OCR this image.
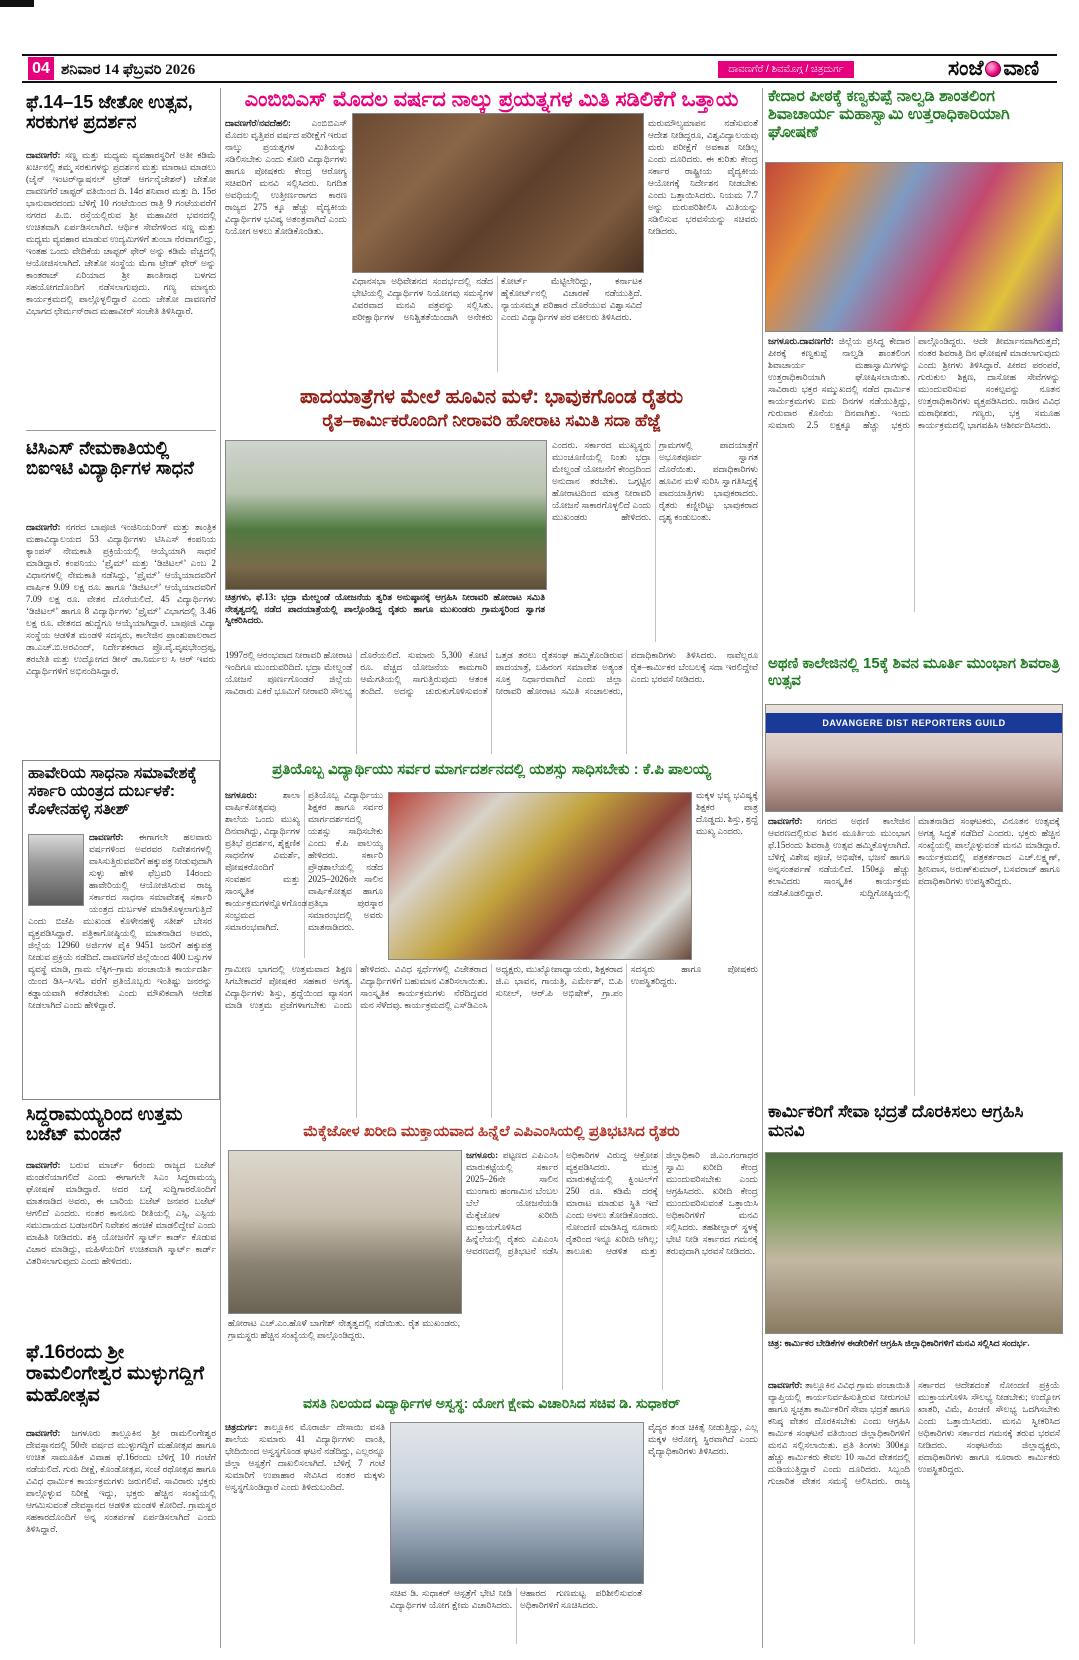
04 ಶನಿವಾರ 14 ಫೆಬ್ರವರಿ 2026	ದಾವಣಗೆರೆ / ಶಿವಮೊಗ್ಗ / ಚಿತ್ರದುರ್ಗ	ಸಂಜೆ ವಾಣಿ
ಫೆ.14–15 ಜೇತೋ ಉತ್ಸವ, ಸರಕುಗಳ ಪ್ರದರ್ಶನ
ದಾವಣಗೆರೆ: ಸಣ್ಣ ಮತ್ತು ಮಧ್ಯಮ ವ್ಯವಹಾರಸ್ಥರಿಗೆ ಅತೀ ಕಡಿಮೆ ಖರ್ಚಿನಲ್ಲಿ ತಮ್ಮ ಸರಕುಗಳನ್ನು ಪ್ರದರ್ಶನ ಮತ್ತು ಮಾರಾಟ ಮಾಡಲು (ಜೈನ್ ಇಂಟರ್‌ನ್ಯಾಷನಲ್ ಟ್ರೇಡ್ ಆರ್ಗನೈಜೇಶನ್) ಜೇತೋ ದಾವಣಗೆರೆ ಚಾಪ್ಟರ್ ವತಿಯಿಂದ ದಿ. 14ರ ಶನಿವಾರ ಮತ್ತು ದಿ. 15ರ ಭಾನುವಾರದಂದು ಬೆಳಿಗ್ಗೆ 10 ಗಂಟೆಯಿಂದ ರಾತ್ರಿ 9 ಗಂಟೆಯವರೆಗೆ ನಗರದ ಪಿ.ಬಿ. ರಸ್ತೆಯಲ್ಲಿರುವ ಶ್ರೀ ಮಹಾವೀರ ಭವನದಲ್ಲಿ ಉಚಿತವಾಗಿ ಏರ್ಪಡಿಸಲಾಗಿದೆ. ಆರ್ಥಿಕ ಸೇವೆಗಳಿಂದ ಸಣ್ಣ ಮತ್ತು ಮಧ್ಯಮ ವ್ಯವಹಾರ ಮಾಡುವ ಉದ್ಯಮಿಗಳಿಗೆ ತುಂಬಾ ನೆರವಾಗಲಿದ್ದು, ಇಂತಹ ಒಂದು ವೇದಿಕೆಯ ಚಾಪ್ಟರ್ ಫೇರ್ ಅನ್ನು ಕಡಿಮೆ ವೆಚ್ಚದಲ್ಲಿ ಆಯೋಜಿಸಲಾಗಿದೆ. ಜೇತೋ ಸಂಸ್ಥೆಯ ಮೆಗಾ ಟ್ರೇಡ್ ಫೇರ್ ಅನ್ನು ಕಾಂತರಾಜ್ ಏರಿಯಾದ ಶ್ರೀ ಶಾಂತಿನಾಥ ಬಳಗದ ಸಹಯೋಗದೊಂದಿಗೆ ನಡೆಸಲಾಗುವುದು. ಗಣ್ಯ ಮಾನ್ಯರು ಕಾರ್ಯಕ್ರಮದಲ್ಲಿ ಪಾಲ್ಗೊಳ್ಳಲಿದ್ದಾರೆ ಎಂದು ಜೇತೋ ದಾವಣಗೆರೆ ವಿಭಾಗದ ಛೇರ್ಮನ್‌ರಾದ ಮಹಾವೀರ್ ಸಂಚೇತಿ ತಿಳಿಸಿದ್ದಾರೆ.
ಟಿಸಿಎಸ್ ನೇಮಕಾತಿಯಲ್ಲಿ ಬಿಐಇಟಿ ವಿದ್ಯಾರ್ಥಿಗಳ ಸಾಧನೆ
ದಾವಣಗೆರೆ: ನಗರದ ಬಾಪೂಜಿ ಇಂಜಿನಿಯರಿಂಗ್ ಮತ್ತು ತಾಂತ್ರಿಕ ಮಹಾವಿದ್ಯಾಲಯದ 53 ವಿದ್ಯಾರ್ಥಿಗಳು ಟಿಸಿಎಸ್ ಕಂಪನಿಯ ಕ್ಯಾಂಪಸ್ ನೇಮಕಾತಿ ಪ್ರಕ್ರಿಯೆಯಲ್ಲಿ ಆಯ್ಕೆಯಾಗಿ ಸಾಧನೆ ಮಾಡಿದ್ದಾರೆ. ಕಂಪನಿಯು ‘ಪ್ರೈಮ್’ ಮತ್ತು ‘ಡಿಜಿಟಲ್’ ಎಂಬ 2 ವಿಧಾನಗಳಲ್ಲಿ ನೇಮಕಾತಿ ನಡೆಸಿದ್ದು, ‘ಪ್ರೈಮ್’ ಆಯ್ಕೆಯಾದವರಿಗೆ ವಾರ್ಷಿಕ 9.09 ಲಕ್ಷ ರೂ. ಹಾಗೂ ‘ಡಿಜಿಟಲ್’ ಆಯ್ಕೆಯಾದವರಿಗೆ 7.09 ಲಕ್ಷ ರೂ. ವೇತನ ದೊರೆಯಲಿದೆ. 45 ವಿದ್ಯಾರ್ಥಿಗಳು ‘ಡಿಜಿಟಲ್’ ಹಾಗೂ 8 ವಿದ್ಯಾರ್ಥಿಗಳು ‘ಪ್ರೈಮ್’ ವಿಭಾಗದಲ್ಲಿ 3.46 ಲಕ್ಷ ರೂ. ವೇತನದ ಹುದ್ದೆಗೂ ಆಯ್ಕೆಯಾಗಿದ್ದಾರೆ. ಬಾಪೂಜಿ ವಿದ್ಯಾ ಸಂಸ್ಥೆಯ ಆಡಳಿತ ಮಂಡಳಿ ಸದಸ್ಯರು, ಕಾಲೇಜಿನ ಪ್ರಾಂಶುಪಾಲರಾದ ಡಾ.ಎಚ್.ಬಿ.ಅರವಿಂದ್, ನಿರ್ದೇಶಕರಾದ ಪ್ರೊ.ವೈ.ವೃಷಭೇಂದ್ರಪ್ಪ, ತರಬೇತಿ ಮತ್ತು ಉದ್ಯೋಗದ ಡೀನ್ ಡಾ.ನಿರ್ಮಲ ಸಿ ಆರ್ ಇವರು ವಿದ್ಯಾರ್ಥಿಗಳಿಗೆ ಅಭಿನಂದಿಸಿದ್ದಾರೆ.
ಹಾವೇರಿಯ ಸಾಧನಾ ಸಮಾವೇಶಕ್ಕೆ ಸರ್ಕಾರಿ ಯಂತ್ರದ ದುರ್ಬಳಕೆ: ಕೊಳೇನಹಳ್ಳಿ ಸತೀಶ್
ದಾವಣಗೆರೆ: ಈಗಾಗಲೇ ಹಲವಾರು ವರ್ಷಗಳಿಂದ ಅವರವರ ನಿವೇಶನಗಳಲ್ಲಿ ವಾಸಿಸುತ್ತಿರುವವರಿಗೆ ಹಕ್ಕುಪತ್ರ ನೀಡುವುದಾಗಿ ಸುಳ್ಳು ಹೇಳಿ ಫೆಬ್ರವರಿ 14ರಂದು ಹಾವೇರಿಯಲ್ಲಿ ಆಯೋಜಿಸಿರುವ ರಾಜ್ಯ ಸರ್ಕಾರದ ಸಾಧನಾ ಸಮಾವೇಶಕ್ಕೆ ಸರ್ಕಾರಿ ಯಂತ್ರದ ದುರ್ಬಳಕೆ ಮಾಡಿಕೊಳ್ಳಲಾಗುತ್ತಿದೆ ಎಂದು ಬಿಜೆಪಿ ಮುಖಂಡ ಕೊಳೇನಹಳ್ಳಿ ಸತೀಶ್ ಬೇಸರ ವ್ಯಕ್ತಪಡಿಸಿದ್ದಾರೆ. ಪತ್ರಿಕಾಗೋಷ್ಠಿಯಲ್ಲಿ ಮಾತನಾಡಿದ ಅವರು, ಜಿಲ್ಲೆಯ 12960 ಅರ್ಜಿಗಳ ಪೈಕಿ 9451 ಜನರಿಗೆ ಹಕ್ಕುಪತ್ರ ನೀಡುವ ಪ್ರಕ್ರಿಯೆ ನಡೆದಿದೆ. ದಾವಣಗೆರೆ ಜಿಲ್ಲೆಯಿಂದ 400 ಬಸ್ಸುಗಳ ವ್ಯವಸ್ಥೆ ಮಾಡಿ, ಗ್ರಾಮ ಲೆಕ್ಕಿಗ–ಗ್ರಾಮ ಪಂಚಾಯಿತಿ ಕಾರ್ಯದರ್ಶಿ ಯಿಂದ ಡಿಸಿ–ಸಿಇಓ ವರೆಗೆ ಪ್ರತಿಯೊಬ್ಬರು ಇಂತಿಷ್ಟು ಜನರನ್ನು ಕಡ್ಡಾಯವಾಗಿ ಕರೆತರಬೇಕು ಎಂದು ಮೌಖಿಕವಾಗಿ ಆದೇಶ ನೀಡಲಾಗಿದೆ ಎಂದು ಹೇಳಿದ್ದಾರೆ.
ಸಿದ್ದರಾಮಯ್ಯರಿಂದ ಉತ್ತಮ ಬಜೆಟ್ ಮಂಡನೆ
ದಾವಣಗೆರೆ: ಬರುವ ಮಾರ್ಚ್ 6ರಂದು ರಾಜ್ಯದ ಬಜೆಟ್ ಮಂಡನೆಯಾಗಲಿದೆ ಎಂದು ಈಗಾಗಲೇ ಸಿಎಂ ಸಿದ್ದರಾಮಯ್ಯ ಘೋಷಣೆ ಮಾಡಿದ್ದಾರೆ. ಅದರ ಬಗ್ಗೆ ಸುದ್ದಿಗಾರರೊಂದಿಗೆ ಮಾತನಾಡಿದ ಅವರು, ಈ ಬಾರಿಯ ಬಜೆಟ್ ಜನಪರ ಬಜೆಟ್ ಆಗಲಿದೆ ಎಂದರು. ನಂತರ ಕಾನೂನು ರೀತಿಯಲ್ಲಿ ಎಸ್ಸಿ, ಎಸ್ಟಿಯ ಸಮುದಾಯದ ಬಡಜನರಿಗೆ ನಿವೇಶನ ಹಂಚಿಕೆ ಮಾಡಲಿದ್ದೇವೆ ಎಂದು ಮಾಹಿತಿ ನೀಡಿದರು. ಶಕ್ತಿ ಯೋಜನೆಗೆ ಸ್ಮಾರ್ಟ್ ಕಾರ್ಡ್ ಕೊಡುವ ವಿಚಾರ ಮಾಡಿದ್ದು, ಮಹಿಳೆಯರಿಗೆ ಉಚಿತವಾಗಿ ಸ್ಮಾರ್ಟ್ ಕಾರ್ಡ್ ವಿತರಿಸಲಾಗುವುದು ಎಂದು ಹೇಳಿದರು.
ಫೆ.16ರಂದು ಶ್ರೀ ರಾಮಲಿಂಗೇಶ್ವರ ಮುಳ್ಳುಗದ್ದಿಗೆ ಮಹೋತ್ಸವ
ದಾವಣಗೆರೆ: ಜಗಳೂರು ತಾಲ್ಲೂಕಿನ ಶ್ರೀ ರಾಮಲಿಂಗೇಶ್ವರ ದೇವಸ್ಥಾನದಲ್ಲಿ 50ನೇ ವರ್ಷದ ಮುಳ್ಳುಗದ್ದಿಗೆ ಮಹೋತ್ಸವ ಹಾಗೂ ಉಚಿತ ಸಾಮೂಹಿಕ ವಿವಾಹ ಫೆ.16ರಂದು ಬೆಳಿಗ್ಗೆ 10 ಗಂಟೆಗೆ ನಡೆಯಲಿದೆ. ಗುರು ದೀಕ್ಷೆ, ಕೊಂಡೋತ್ಸವ, ಸಂಜೆ ರಥೋತ್ಸವ ಹಾಗೂ ವಿವಿಧ ಧಾರ್ಮಿಕ ಕಾರ್ಯಕ್ರಮಗಳು ಜರುಗಲಿವೆ. ಸಾವಿರಾರು ಭಕ್ತರು ಪಾಲ್ಗೊಳ್ಳುವ ನಿರೀಕ್ಷೆ ಇದ್ದು, ಭಕ್ತರು ಹೆಚ್ಚಿನ ಸಂಖ್ಯೆಯಲ್ಲಿ ಆಗಮಿಸುವಂತೆ ದೇವಸ್ಥಾನದ ಆಡಳಿತ ಮಂಡಳಿ ಕೋರಿದೆ. ಗ್ರಾಮಸ್ಥರ ಸಹಕಾರದೊಂದಿಗೆ ಅನ್ನ ಸಂತರ್ಪಣೆ ಏರ್ಪಡಿಸಲಾಗಿದೆ ಎಂದು ತಿಳಿಸಿದ್ದಾರೆ.
ಎಂಬಿಬಿಎಸ್ ಮೊದಲ ವರ್ಷದ ನಾಲ್ಕು ಪ್ರಯತ್ನಗಳ ಮಿತಿ ಸಡಿಲಿಕೆಗೆ ಒತ್ತಾಯ
ದಾವಣಗೆರೆ/ನವದೆಹಲಿ: ಎಂಬಿಬಿಎಸ್ ಮೊದಲ ವೃತ್ತಿಪರ ವರ್ಷದ ಪರೀಕ್ಷೆಗೆ ಇರುವ ನಾಲ್ಕು ಪ್ರಯತ್ನಗಳ ಮಿತಿಯನ್ನು ಸಡಿಲಿಸಬೇಕು ಎಂದು ಕೋರಿ ವಿದ್ಯಾರ್ಥಿಗಳು ಹಾಗೂ ಪೋಷಕರು ಕೇಂದ್ರ ಆರೋಗ್ಯ ಸಚಿವರಿಗೆ ಮನವಿ ಸಲ್ಲಿಸಿದರು. ನಿಗದಿತ ಅವಧಿಯಲ್ಲಿ ಉತ್ತೀರ್ಣರಾಗದ ಕಾರಣ ರಾಜ್ಯದ 275 ಕ್ಕೂ ಹೆಚ್ಚು ವೈದ್ಯಕೀಯ ವಿದ್ಯಾರ್ಥಿಗಳ ಭವಿಷ್ಯ ಅತಂತ್ರವಾಗಿದೆ ಎಂದು ನಿಯೋಗ ಅಳಲು ತೋಡಿಕೊಂಡಿತು.
ಮರುಮೌಲ್ಯಮಾಪನ ನಡೆಸುವಂತೆ ಆದೇಶ ನೀಡಿದ್ದರೂ, ವಿಶ್ವವಿದ್ಯಾಲಯವು ಮರು ಪರೀಕ್ಷೆಗೆ ಅವಕಾಶ ನೀಡಿಲ್ಲ ಎಂದು ದೂರಿದರು. ಈ ಕುರಿತು ಕೇಂದ್ರ ಸರ್ಕಾರ ರಾಷ್ಟ್ರೀಯ ವೈದ್ಯಕೀಯ ಆಯೋಗಕ್ಕೆ ನಿರ್ದೇಶನ ನೀಡಬೇಕು ಎಂದು ಒತ್ತಾಯಿಸಿದರು. ನಿಯಮ 7.7 ಅನ್ನು ಮರುಪರಿಶೀಲಿಸಿ ಮಿತಿಯನ್ನು ಸಡಿಲಿಸುವ ಭರವಸೆಯನ್ನು ಸಚಿವರು ನೀಡಿದರು.
ವಿಧಾನಸಭಾ ಅಧಿವೇಶನದ ಸಂದರ್ಭದಲ್ಲಿ ನಡೆದ ಭೇಟಿಯಲ್ಲಿ ವಿದ್ಯಾರ್ಥಿಗಳ ನಿಯೋಗವು ಸಮಸ್ಯೆಗಳ ವಿವರವಾದ ಮನವಿ ಪತ್ರವನ್ನು ಸಲ್ಲಿಸಿತು. ಪರೀಕ್ಷಾರ್ಥಿಗಳ ಅನಿಶ್ಚಿತತೆಯಿಂದಾಗಿ ಅನೇಕರು ಕೋರ್ಟ್ ಮೆಟ್ಟಿಲೇರಿದ್ದು, ಕರ್ನಾಟಕ ಹೈಕೋರ್ಟ್‌ನಲ್ಲಿ ವಿಚಾರಣೆ ನಡೆಯುತ್ತಿದೆ. ನ್ಯಾಯಸಮ್ಮತ ಪರಿಹಾರ ದೊರೆಯುವ ವಿಶ್ವಾಸವಿದೆ ಎಂದು ವಿದ್ಯಾರ್ಥಿಗಳ ಪರ ವಕೀಲರು ತಿಳಿಸಿದರು.
ಪಾದಯಾತ್ರೆಗಳ ಮೇಲೆ ಹೂವಿನ ಮಳೆ: ಭಾವುಕಗೊಂಡ ರೈತರು
ರೈತ–ಕಾರ್ಮಿಕರೊಂದಿಗೆ ನೀರಾವರಿ ಹೋರಾಟ ಸಮಿತಿ ಸದಾ ಹೆಜ್ಜೆ
ಚಿತ್ರಗಳು, ಫೆ.13: ಭದ್ರಾ ಮೇಲ್ದಂಡೆ ಯೋಜನೆಯ ತ್ವರಿತ ಅನುಷ್ಠಾನಕ್ಕೆ ಆಗ್ರಹಿಸಿ ನೀರಾವರಿ ಹೋರಾಟ ಸಮಿತಿ ನೇತೃತ್ವದಲ್ಲಿ ನಡೆದ ಪಾದಯಾತ್ರೆಯಲ್ಲಿ ಪಾಲ್ಗೊಂಡಿದ್ದ ರೈತರು ಹಾಗೂ ಮುಖಂಡರು ಗ್ರಾಮಸ್ಥರಿಂದ ಸ್ವಾಗತ ಸ್ವೀಕರಿಸಿದರು.
ಎಂದರು. ಸರ್ಕಾರದ ಮುಖ್ಯಸ್ಥರು ಮುಂಚೂಣಿಯಲ್ಲಿ ನಿಂತು ಭದ್ರಾ ಮೇಲ್ದಂಡೆ ಯೋಜನೆಗೆ ಕೇಂದ್ರದಿಂದ ಅನುದಾನ ತರಬೇಕು. ಒಗ್ಗಟ್ಟಿನ ಹೋರಾಟದಿಂದ ಮಾತ್ರ ನೀರಾವರಿ ಯೋಜನೆ ಸಾಕಾರಗೊಳ್ಳಲಿದೆ ಎಂದು ಮುಖಂಡರು ಹೇಳಿದರು. ಗ್ರಾಮಗಳಲ್ಲಿ ಪಾದಯಾತ್ರೆಗೆ ಅಭೂತಪೂರ್ವ ಸ್ವಾಗತ ದೊರೆಯಿತು. ಪದಾಧಿಕಾರಿಗಳು ಹೂವಿನ ಮಳೆ ಸುರಿಸಿ ಸ್ವಾಗತಿಸಿದ್ದಕ್ಕೆ ಪಾದಯಾತ್ರಿಗಳು ಭಾವುಕರಾದರು. ರೈತರು ಕಣ್ಣೀರಿಟ್ಟು ಭಾವುಕರಾದ ದೃಶ್ಯ ಕಂಡುಬಂತು.
1997ರಲ್ಲಿ ಆರಂಭವಾದ ನೀರಾವರಿ ಹೋರಾಟ ಇಂದಿಗೂ ಮುಂದುವರಿದಿದೆ. ಭದ್ರಾ ಮೇಲ್ದಂಡೆ ಯೋಜನೆ ಪೂರ್ಣಗೊಂಡರೆ ಜಿಲ್ಲೆಯ ಸಾವಿರಾರು ಎಕರೆ ಭೂಮಿಗೆ ನೀರಾವರಿ ಸೌಲಭ್ಯ ದೊರೆಯಲಿದೆ. ಸುಮಾರು 5,300 ಕೋಟಿ ರೂ. ವೆಚ್ಚದ ಯೋಜನೆಯ ಕಾಮಗಾರಿ ಆಮೆಗತಿಯಲ್ಲಿ ಸಾಗುತ್ತಿರುವುದು ಆತಂಕ ತಂದಿದೆ. ಅದನ್ನು ಚುರುಕುಗೊಳಿಸುವಂತೆ ಒತ್ತಡ ತರಲು ರೈತಸಂಘ ಹಮ್ಮಿಕೊಂಡಿರುವ ಪಾದಯಾತ್ರೆ, ಬಹಿರಂಗ ಸಮಾವೇಶ ಅತ್ಯಂತ ಸೂಕ್ತ ನಿರ್ಧಾರವಾಗಿದೆ ಎಂದು ಜಿಲ್ಲಾ ನೀರಾವರಿ ಹೋರಾಟ ಸಮಿತಿ ಸಂಚಾಲಕರು, ಪದಾಧಿಕಾರಿಗಳು ತಿಳಿಸಿದರು. ನಾವೆಲ್ಲರೂ ರೈತ–ಕಾರ್ಮಿಕರ ಬೆಂಬಲಕ್ಕೆ ಸದಾ ಇರಲಿದ್ದೇವೆ ಎಂದು ಭರವಸೆ ನೀಡಿದರು.
ಪ್ರತಿಯೊಬ್ಬ ವಿದ್ಯಾರ್ಥಿಯು ಸರ್ವರ ಮಾರ್ಗದರ್ಶನದಲ್ಲಿ ಯಶಸ್ಸು ಸಾಧಿಸಬೇಕು : ಕೆ.ಪಿ ಪಾಲಯ್ಯ
ಜಗಳೂರು:	ಶಾಲಾ ವಾರ್ಷಿಕೋತ್ಸವವು ಶಾಲೆಯ ಒಂದು ಮುಖ್ಯ ದಿನವಾಗಿದ್ದು, ವಿದ್ಯಾರ್ಥಿಗಳ ಪ್ರತಿಭೆ ಪ್ರದರ್ಶನ, ಶೈಕ್ಷಣಿಕ ಸಾಧನೆಗಳ ವಿಮರ್ಶೆ, ಪೋಷಕರೊಂದಿಗೆ ಸಂವಹನ ಮತ್ತು ಸಾಂಸ್ಕೃತಿಕ ಕಾರ್ಯಕ್ರಮಗಳನ್ನೊಳಗೊಂಡ ಸಂಭ್ರಮದ ಸಮಾರಂಭವಾಗಿದೆ. ಪ್ರತಿಯೊಬ್ಬ ವಿದ್ಯಾರ್ಥಿಯು ಶಿಕ್ಷಕರ ಹಾಗೂ ಸರ್ವರ ಮಾರ್ಗದರ್ಶನದಲ್ಲಿ ಯಶಸ್ಸು ಸಾಧಿಸಬೇಕು ಎಂದು ಕೆ.ಪಿ ಪಾಲಯ್ಯ ಹೇಳಿದರು. ಸರ್ಕಾರಿ ಪ್ರೌಢಶಾಲೆಯಲ್ಲಿ ನಡೆದ 2025–2026ನೇ ಸಾಲಿನ ವಾರ್ಷಿಕೋತ್ಸವ ಹಾಗೂ ಪ್ರತಿಭಾ ಪುರಸ್ಕಾರ ಸಮಾರಂಭದಲ್ಲಿ ಅವರು ಮಾತನಾಡಿದರು.
ಮಕ್ಕಳ ಭವ್ಯ ಭವಿಷ್ಯಕ್ಕೆ ಶಿಕ್ಷಕರ ಪಾತ್ರ ದೊಡ್ಡದು. ಶಿಸ್ತು, ಶ್ರದ್ಧೆ ಮುಖ್ಯ ಎಂದರು.
ಗ್ರಾಮೀಣ ಭಾಗದಲ್ಲಿ ಉತ್ತಮವಾದ ಶಿಕ್ಷಣ ಸಿಗಬೇಕಾದರೆ ಪೋಷಕರ ಸಹಕಾರ ಅಗತ್ಯ. ವಿದ್ಯಾರ್ಥಿಗಳು ಶಿಸ್ತು, ಶ್ರದ್ಧೆಯಿಂದ ವ್ಯಾಸಂಗ ಮಾಡಿ ಉತ್ತಮ ಪ್ರಜೆಗಳಾಗಬೇಕು ಎಂದು ಹೇಳಿದರು. ವಿವಿಧ ಸ್ಪರ್ಧೆಗಳಲ್ಲಿ ವಿಜೇತರಾದ ವಿದ್ಯಾರ್ಥಿಗಳಿಗೆ ಬಹುಮಾನ ವಿತರಿಸಲಾಯಿತು. ಸಾಂಸ್ಕೃತಿಕ ಕಾರ್ಯಕ್ರಮಗಳು ನೆರೆದಿದ್ದವರ ಮನ ಸೆಳೆದವು. ಕಾರ್ಯಕ್ರಮದಲ್ಲಿ ಎಸ್‌ಡಿಎಂಸಿ ಅಧ್ಯಕ್ಷರು, ಮುಖ್ಯೋಪಾಧ್ಯಾಯರು, ಶಿಕ್ಷಕರಾದ ಜಿ.ಎ ಭಾವನ, ಗಾಯತ್ರಿ, ಎರ್ಮೇಶ್, ಬಿ.ಪಿ ಸುನೀಲ್, ಆರ್.ಪಿ ಅಭಿಷೇಕ್, ಗ್ರಾ.ಪಂ ಸದಸ್ಯರು ಹಾಗೂ ಪೋಷಕರು ಉಪಸ್ಥಿತರಿದ್ದರು.
ಮೆಕ್ಕೆಜೋಳ ಖರೀದಿ ಮುಕ್ತಾಯವಾದ ಹಿನ್ನೆಲೆ ಎಪಿಎಂಸಿಯಲ್ಲಿ ಪ್ರತಿಭಟಿಸಿದ ರೈತರು
ಜಗಳೂರು: ಪಟ್ಟಣದ ಎಪಿಎಂಸಿ ಮಾರುಕಟ್ಟೆಯಲ್ಲಿ ಸರ್ಕಾರ 2025–26ನೇ ಸಾಲಿನ ಮುಂಗಾರು ಹಂಗಾಮಿನ ಬೆಂಬಲ ಬೆಲೆ ಯೋಜನೆಯಡಿ ಮೆಕ್ಕೆಜೋಳ ಖರೀದಿ ಮುಕ್ತಾಯಗೊಳಿಸಿದ ಹಿನ್ನೆಲೆಯಲ್ಲಿ ರೈತರು ಎಪಿಎಂಸಿ ಆವರಣದಲ್ಲಿ ಪ್ರತಿಭಟನೆ ನಡೆಸಿ ಅಧಿಕಾರಿಗಳ ವಿರುದ್ಧ ಆಕ್ರೋಶ ವ್ಯಕ್ತಪಡಿಸಿದರು. ಮುಕ್ತ ಮಾರುಕಟ್ಟೆಯಲ್ಲಿ ಕ್ವಿಂಟಲ್‌ಗೆ 250 ರೂ. ಕಡಿಮೆ ದರಕ್ಕೆ ಮಾರಾಟ ಮಾಡುವ ಸ್ಥಿತಿ ಇದೆ ಎಂದು ಅಳಲು ತೋಡಿಕೊಂಡರು. ನೋಂದಣಿ ಮಾಡಿಸಿದ್ದ ನೂರಾರು ರೈತರಿಂದ ಇನ್ನೂ ಖರೀದಿ ಆಗಿಲ್ಲ; ತಾಲೂಕು ಆಡಳಿತ ಮತ್ತು ಜಿಲ್ಲಾಧಿಕಾರಿ ಜಿ.ಎಂ.ಗಂಗಾಧರ ಸ್ವಾಮಿ ಖರೀದಿ ಕೇಂದ್ರ ಮುಂದುವರಿಸಬೇಕು ಎಂದು ಆಗ್ರಹಿಸಿದರು. ಖರೀದಿ ಕೇಂದ್ರ ಮುಂದುವರಿಸುವಂತೆ ಒತ್ತಾಯಿಸಿ ಅಧಿಕಾರಿಗಳಿಗೆ ಮನವಿ ಸಲ್ಲಿಸಿದರು. ತಹಶೀಲ್ದಾರ್ ಸ್ಥಳಕ್ಕೆ ಭೇಟಿ ನೀಡಿ ಸರ್ಕಾರದ ಗಮನಕ್ಕೆ ತರುವುದಾಗಿ ಭರವಸೆ ನೀಡಿದರು.
ಹೋರಾಟ ಎಚ್.ಎಂ.ಹೊಳೆ ಬಾಗೇಶ್ ನೇತೃತ್ವದಲ್ಲಿ ನಡೆಯಿತು. ರೈತ ಮುಖಂಡರು, ಗ್ರಾಮಸ್ಥರು ಹೆಚ್ಚಿನ ಸಂಖ್ಯೆಯಲ್ಲಿ ಪಾಲ್ಗೊಂಡಿದ್ದರು.
ವಸತಿ ನಿಲಯದ ವಿದ್ಯಾರ್ಥಿಗಳ ಅಸ್ವಸ್ಥ: ಯೋಗ ಕ್ಷೇಮ ವಿಚಾರಿಸಿದ ಸಚಿವ ಡಿ. ಸುಧಾಕರ್
ಚಿತ್ರದುರ್ಗ: ತಾಲ್ಲೂಕಿನ ಮೊರಾರ್ಜಿ ದೇಸಾಯಿ ವಸತಿ ಶಾಲೆಯ ಸುಮಾರು 41 ವಿದ್ಯಾರ್ಥಿಗಳು ವಾಂತಿ, ಭೇದಿಯಿಂದ ಅಸ್ವಸ್ಥಗೊಂಡ ಘಟನೆ ನಡೆದಿದ್ದು, ಎಲ್ಲರನ್ನೂ ಜಿಲ್ಲಾ ಆಸ್ಪತ್ರೆಗೆ ದಾಖಲಿಸಲಾಗಿದೆ. ಬೆಳಿಗ್ಗೆ 7 ಗಂಟೆ ಸುಮಾರಿಗೆ ಉಪಾಹಾರ ಸೇವಿಸಿದ ನಂತರ ಮಕ್ಕಳು ಅಸ್ವಸ್ಥಗೊಂಡಿದ್ದಾರೆ ಎಂದು ತಿಳಿದುಬಂದಿದೆ.
ವೈದ್ಯರ ತಂಡ ಚಿಕಿತ್ಸೆ ನೀಡುತ್ತಿದ್ದು, ಎಲ್ಲ ಮಕ್ಕಳ ಆರೋಗ್ಯ ಸ್ಥಿರವಾಗಿದೆ ಎಂದು ವೈದ್ಯಾಧಿಕಾರಿಗಳು ತಿಳಿಸಿದರು.
ಸಚಿವ ಡಿ. ಸುಧಾಕರ್ ಆಸ್ಪತ್ರೆಗೆ ಭೇಟಿ ನೀಡಿ ವಿದ್ಯಾರ್ಥಿಗಳ ಯೋಗ ಕ್ಷೇಮ ವಿಚಾರಿಸಿದರು. ಆಹಾರದ ಗುಣಮಟ್ಟ ಪರಿಶೀಲಿಸುವಂತೆ ಅಧಿಕಾರಿಗಳಿಗೆ ಸೂಚಿಸಿದರು.
ಕೇದಾರ ಪೀಠಕ್ಕೆ ಕಣ್ವಕುಪ್ಪೆ ನಾಲ್ವಡಿ ಶಾಂತಲಿಂಗ ಶಿವಾಚಾರ್ಯ ಮಹಾಸ್ವಾಮಿ ಉತ್ತರಾಧಿಕಾರಿಯಾಗಿ ಘೋಷಣೆ
ಜಗಳೂರು.ದಾವಣಗೆರೆ: ಜಿಲ್ಲೆಯ ಪ್ರಸಿದ್ಧ ಕೇದಾರ ಪೀಠಕ್ಕೆ ಕಣ್ವಕುಪ್ಪೆ ನಾಲ್ವಡಿ ಶಾಂತಲಿಂಗ ಶಿವಾಚಾರ್ಯ ಮಹಾಸ್ವಾಮಿಗಳನ್ನು ಉತ್ತರಾಧಿಕಾರಿಯಾಗಿ ಘೋಷಿಸಲಾಯಿತು. ಸಾವಿರಾರು ಭಕ್ತರ ಸಮ್ಮುಖದಲ್ಲಿ ನಡೆದ ಧಾರ್ಮಿಕ ಕಾರ್ಯಕ್ರಮಗಳು ಐದು ದಿನಗಳ ನಡೆಯುತ್ತಿದ್ದು, ಗುರುವಾರ ಕೊನೆಯ ದಿನವಾಗಿತ್ತು. ಇಂದು ಸುಮಾರು 2.5 ಲಕ್ಷಕ್ಕೂ ಹೆಚ್ಚು ಭಕ್ತರು ಪಾಲ್ಗೊಂಡಿದ್ದರು. ಆದೇ ತೀರ್ಮಾನವಾಗಿರುತ್ತದೆ; ನಂತರ ಶಿವರಾತ್ರಿ ದಿನ ಘೋಷಣೆ ಮಾಡಲಾಗುವುದು ಎಂದು ಶ್ರೀಗಳು ತಿಳಿಸಿದ್ದಾರೆ. ಪೀಠದ ಪರಂಪರೆ, ಗುರುಕುಲ ಶಿಕ್ಷಣ, ದಾಸೋಹ ಸೇವೆಗಳನ್ನು ಮುಂದುವರಿಸುವ ಸಂಕಲ್ಪವನ್ನು ನೂತನ ಉತ್ತರಾಧಿಕಾರಿಗಳು ವ್ಯಕ್ತಪಡಿಸಿದರು. ನಾಡಿನ ವಿವಿಧ ಮಠಾಧೀಶರು, ಗಣ್ಯರು, ಭಕ್ತ ಸಮೂಹ ಕಾರ್ಯಕ್ರಮದಲ್ಲಿ ಭಾಗವಹಿಸಿ ಆಶೀರ್ವದಿಸಿದರು.
ಅಥಣಿ ಕಾಲೇಜಿನಲ್ಲಿ 15ಕ್ಕೆ ಶಿವನ ಮೂರ್ತಿ ಮುಂಭಾಗ ಶಿವರಾತ್ರಿ ಉತ್ಸವ
DAVANGERE DIST REPORTERS GUILD
ದಾವಣಗೆರೆ: ನಗರದ ಅಥಣಿ ಕಾಲೇಜಿನ ಆವರಣದಲ್ಲಿರುವ ಶಿವನ ಮೂರ್ತಿಯ ಮುಂಭಾಗ ಫೆ.15ರಂದು ಶಿವರಾತ್ರಿ ಉತ್ಸವ ಹಮ್ಮಿಕೊಳ್ಳಲಾಗಿದೆ. ಬೆಳಿಗ್ಗೆ ವಿಶೇಷ ಪೂಜೆ, ಅಭಿಷೇಕ, ಭಜನೆ ಹಾಗೂ ಅನ್ನಸಂತರ್ಪಣೆ ನಡೆಯಲಿದೆ. 150ಕ್ಕೂ ಹೆಚ್ಚು ಕಲಾವಿದರು ಸಾಂಸ್ಕೃತಿಕ ಕಾರ್ಯಕ್ರಮ ನಡೆಸಿಕೊಡಲಿದ್ದಾರೆ. ಸುದ್ದಿಗೋಷ್ಠಿಯಲ್ಲಿ ಮಾತನಾಡಿದ ಸಂಘಟಕರು, ವಿನೂತನ ಉತ್ಸವಕ್ಕೆ ಅಗತ್ಯ ಸಿದ್ಧತೆ ನಡೆದಿದೆ ಎಂದರು. ಭಕ್ತರು ಹೆಚ್ಚಿನ ಸಂಖ್ಯೆಯಲ್ಲಿ ಪಾಲ್ಗೊಳ್ಳುವಂತೆ ಮನವಿ ಮಾಡಿದ್ದಾರೆ. ಕಾರ್ಯಕ್ರಮದಲ್ಲಿ ಪತ್ರಕರ್ತರಾದ ಎಚ್.ಲಕ್ಷ್ಮಣ್, ಶ್ರೀನಿವಾಸ, ಅರುಣ್‌ಕುಮಾರ್, ಬಸವರಾಜ್ ಹಾಗೂ ಪದಾಧಿಕಾರಿಗಳು ಉಪಸ್ಥಿತರಿದ್ದರು.
ಕಾರ್ಮಿಕರಿಗೆ ಸೇವಾ ಭದ್ರತೆ ದೊರಕಿಸಲು ಆಗ್ರಹಿಸಿ ಮನವಿ
ಚಿತ್ರ: ಕಾರ್ಮಿಕರ ಬೇಡಿಕೆಗಳ ಈಡೇರಿಕೆಗೆ ಆಗ್ರಹಿಸಿ ಜಿಲ್ಲಾಧಿಕಾರಿಗಳಿಗೆ ಮನವಿ ಸಲ್ಲಿಸಿದ ಸಂದರ್ಭ.
ದಾವಣಗೆರೆ: ತಾಲ್ಲೂಕಿನ ವಿವಿಧ ಗ್ರಾಮ ಪಂಚಾಯಿತಿ ವ್ಯಾಪ್ತಿಯಲ್ಲಿ ಕಾರ್ಯನಿರ್ವಹಿಸುತ್ತಿರುವ ನೀರುಗಂಟಿ ಹಾಗೂ ಸ್ವಚ್ಛತಾ ಕಾರ್ಮಿಕರಿಗೆ ಸೇವಾ ಭದ್ರತೆ ಹಾಗೂ ಕನಿಷ್ಠ ವೇತನ ದೊರಕಿಸಬೇಕು ಎಂದು ಆಗ್ರಹಿಸಿ ಕಾರ್ಮಿಕ ಸಂಘಟನೆ ವತಿಯಿಂದ ಜಿಲ್ಲಾಧಿಕಾರಿಗಳಿಗೆ ಮನವಿ ಸಲ್ಲಿಸಲಾಯಿತು. ಪ್ರತಿ ತಿಂಗಳು 300ಕ್ಕೂ ಹೆಚ್ಚು ಕಾರ್ಮಿಕರು ಕೇವಲ 10 ಸಾವಿರ ವೇತನದಲ್ಲಿ ದುಡಿಯುತ್ತಿದ್ದಾರೆ ಎಂದು ದೂರಿದರು. ಸಿಬ್ಬಂದಿ ಗುಜಾರಿತ ವೇತನ ಸಮಸ್ಯೆ ಆಲಿಸಿದರು. ರಾಜ್ಯ ಸರ್ಕಾರದ ಆದೇಶದಂತೆ ನೋಂದಣಿ ಪ್ರಕ್ರಿಯೆ ಮುಕ್ತಾಯಗೊಳಿಸಿ ಸೌಲಭ್ಯ ನೀಡಬೇಕು; ಉದ್ಯೋಗ ಖಾತರಿ, ವಿಮೆ, ಪಿಂಚಣಿ ಸೌಲಭ್ಯ ಒದಗಿಸಬೇಕು ಎಂದು ಒತ್ತಾಯಿಸಿದರು. ಮನವಿ ಸ್ವೀಕರಿಸಿದ ಅಧಿಕಾರಿಗಳು ಸರ್ಕಾರದ ಗಮನಕ್ಕೆ ತರುವ ಭರವಸೆ ನೀಡಿದರು. ಸಂಘಟನೆಯ ಜಿಲ್ಲಾಧ್ಯಕ್ಷರು, ಪದಾಧಿಕಾರಿಗಳು ಹಾಗೂ ನೂರಾರು ಕಾರ್ಮಿಕರು ಉಪಸ್ಥಿತರಿದ್ದರು.
